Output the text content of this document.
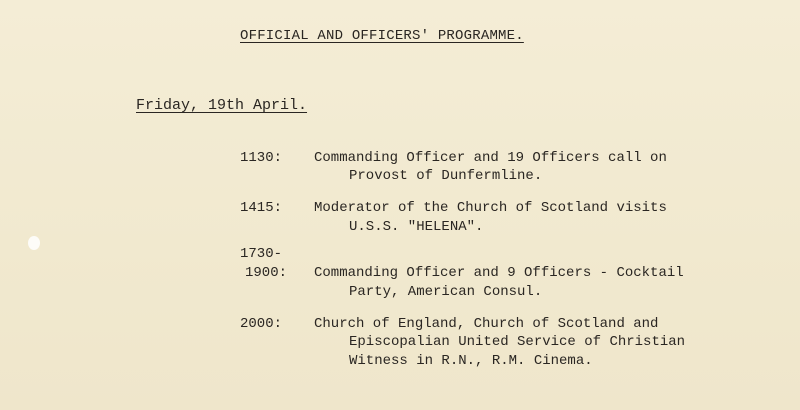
OFFICIAL AND OFFICERS' PROGRAMME.
Friday, 19th April.
1130: Commanding Officer and 19 Officers call on
Provost of Dunfermline.
1415: Moderator of the Church of Scotland visits
U.S.S. "HELENA".
1730-
1900: Commanding Officer and 9 Officers - Cocktail
Party, American Consul.
2000: Church of England, Church of Scotland and
Episcopalian United Service of Christian
Witness in R.N., R.M. Cinema.
